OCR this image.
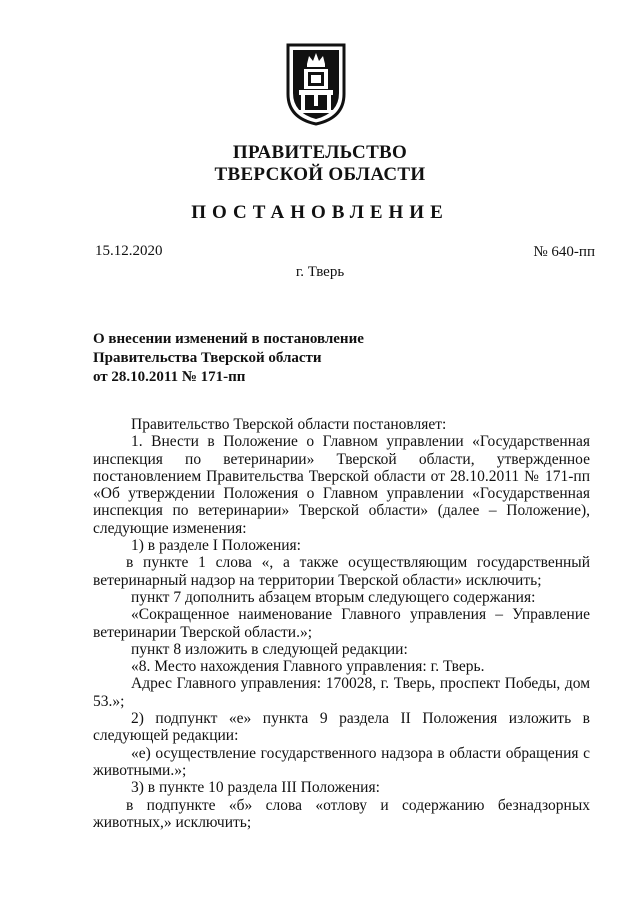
ПРАВИТЕЛЬСТВО
ТВЕРСКОЙ ОБЛАСТИ
ПОСТАНОВЛЕНИЕ
15.12.2020	№ 640-пп
г. Тверь
О внесении изменений в постановление
Правительства Тверской области
от 28.10.2011 № 171-пп

Правительство Тверской области постановляет:

1. Внести в Положение о Главном управлении «Государственная инспекция по ветеринарии» Тверской области, утвержденное постановлением Правительства Тверской области от 28.10.2011 № 171-пп «Об утверждении Положения о Главном управлении «Государственная инспекция по ветеринарии» Тверской области» (далее – Положение), следующие изменения:

1) в разделе I Положения:

в пункте 1 слова «, а также осуществляющим государственный ветеринарный надзор на территории Тверской области» исключить;

пункт 7 дополнить абзацем вторым следующего содержания:

«Сокращенное наименование Главного управления – Управление ветеринарии Тверской области.»;

пункт 8 изложить в следующей редакции:

«8. Место нахождения Главного управления: г. Тверь.

Адрес Главного управления: 170028, г. Тверь, проспект Победы, дом 53.»;

2) подпункт «е» пункта 9 раздела II Положения изложить в следующей редакции:

«е) осуществление государственного надзора в области обращения с животными.»;

3) в пункте 10 раздела III Положения:

в подпункте «б» слова «отлову и содержанию безнадзорных животных,» исключить;
